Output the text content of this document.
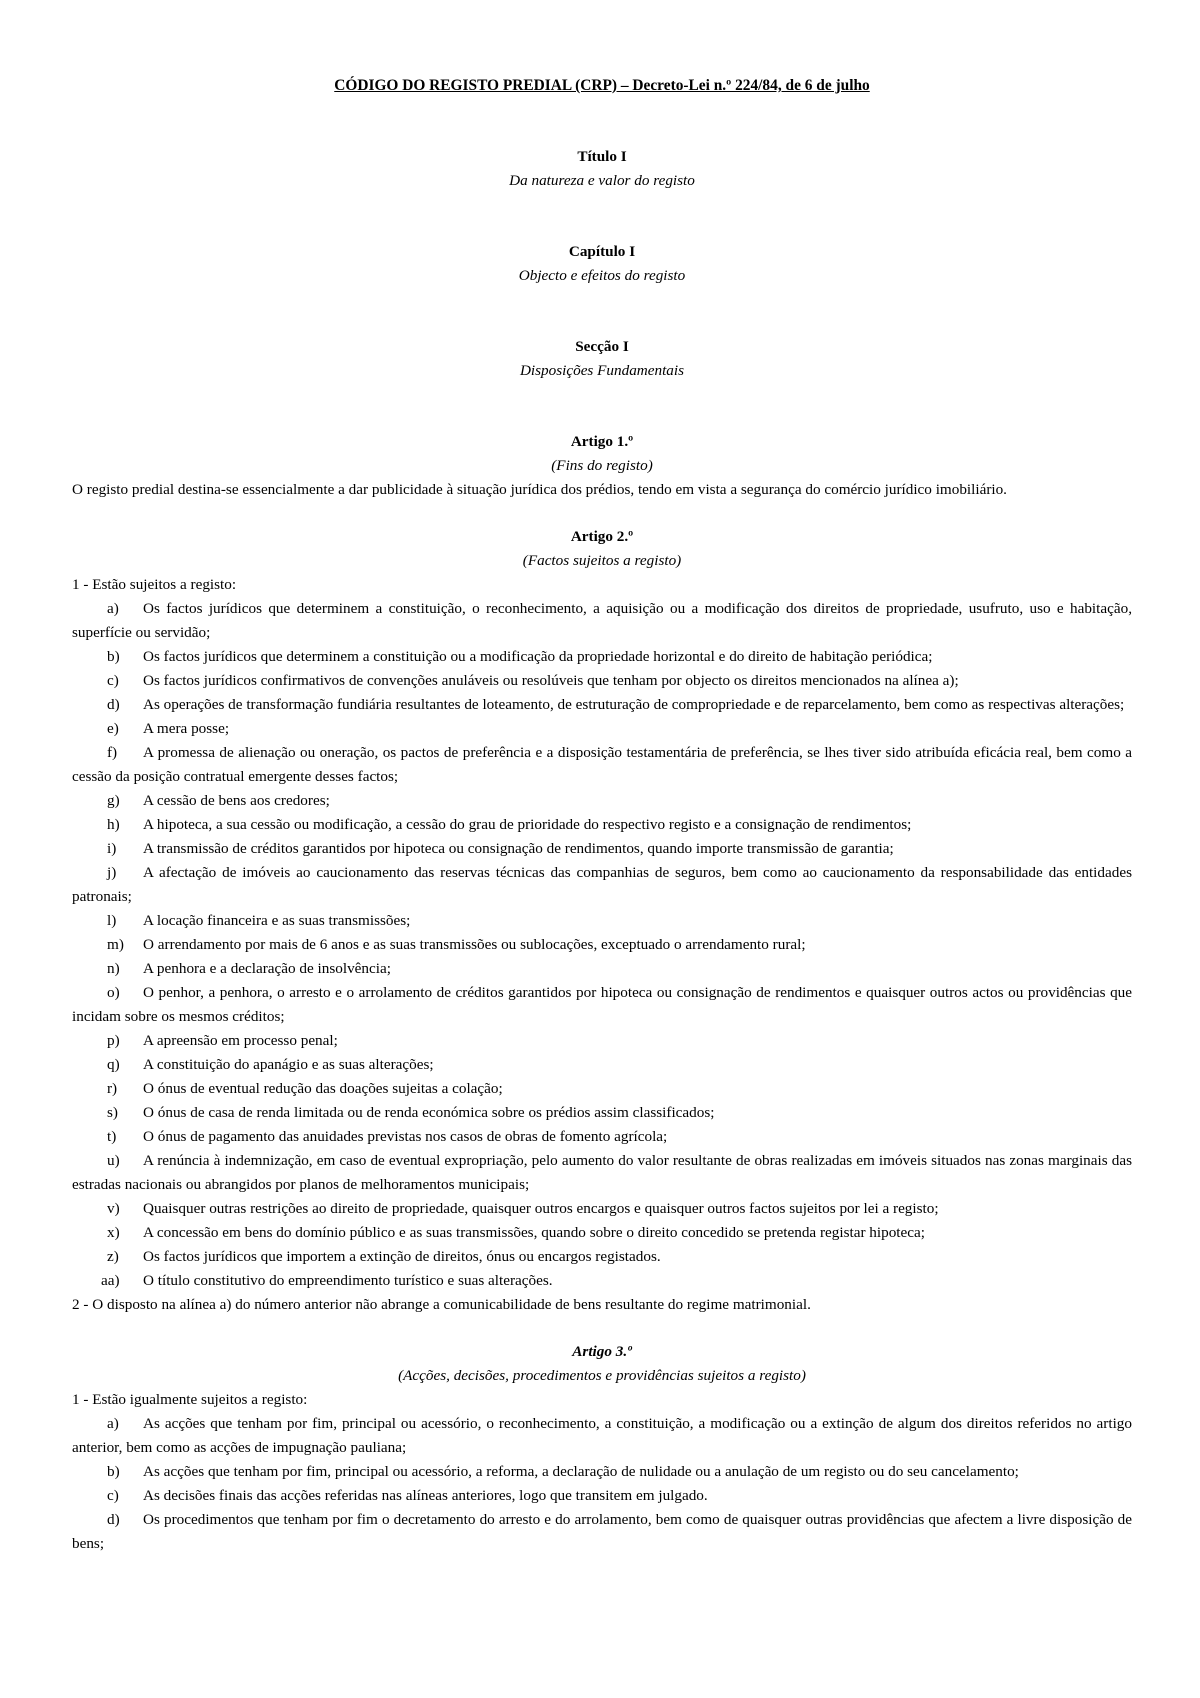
CÓDIGO DO REGISTO PREDIAL (CRP) – Decreto-Lei n.º 224/84, de 6 de julho

Título I

Da natureza e valor do registo

Capítulo I

Objecto e efeitos do registo

Secção I

Disposições Fundamentais

Artigo 1.º

(Fins do registo)

O registo predial destina-se essencialmente a dar publicidade à situação jurídica dos prédios, tendo em vista a segurança do comércio jurídico imobiliário.

Artigo 2.º

(Factos sujeitos a registo)

1 - Estão sujeitos a registo:

a) Os factos jurídicos que determinem a constituição, o reconhecimento, a aquisição ou a modificação dos direitos de propriedade, usufruto, uso e habitação, superfície ou servidão;

b) Os factos jurídicos que determinem a constituição ou a modificação da propriedade horizontal e do direito de habitação periódica;

c) Os factos jurídicos confirmativos de convenções anuláveis ou resolúveis que tenham por objecto os direitos mencionados na alínea a);

d) As operações de transformação fundiária resultantes de loteamento, de estruturação de compropriedade e de reparcelamento, bem como as respectivas alterações;

e) A mera posse;

f) A promessa de alienação ou oneração, os pactos de preferência e a disposição testamentária de preferência, se lhes tiver sido atribuída eficácia real, bem como a cessão da posição contratual emergente desses factos;

g) A cessão de bens aos credores;

h) A hipoteca, a sua cessão ou modificação, a cessão do grau de prioridade do respectivo registo e a consignação de rendimentos;

i) A transmissão de créditos garantidos por hipoteca ou consignação de rendimentos, quando importe transmissão de garantia;

j) A afectação de imóveis ao caucionamento das reservas técnicas das companhias de seguros, bem como ao caucionamento da responsabilidade das entidades patronais;

l) A locação financeira e as suas transmissões;

m) O arrendamento por mais de 6 anos e as suas transmissões ou sublocações, exceptuado o arrendamento rural;

n) A penhora e a declaração de insolvência;

o) O penhor, a penhora, o arresto e o arrolamento de créditos garantidos por hipoteca ou consignação de rendimentos e quaisquer outros actos ou providências que incidam sobre os mesmos créditos;

p) A apreensão em processo penal;

q) A constituição do apanágio e as suas alterações;

r) O ónus de eventual redução das doações sujeitas a colação;

s) O ónus de casa de renda limitada ou de renda económica sobre os prédios assim classificados;

t) O ónus de pagamento das anuidades previstas nos casos de obras de fomento agrícola;

u) A renúncia à indemnização, em caso de eventual expropriação, pelo aumento do valor resultante de obras realizadas em imóveis situados nas zonas marginais das estradas nacionais ou abrangidos por planos de melhoramentos municipais;

v) Quaisquer outras restrições ao direito de propriedade, quaisquer outros encargos e quaisquer outros factos sujeitos por lei a registo;

x) A concessão em bens do domínio público e as suas transmissões, quando sobre o direito concedido se pretenda registar hipoteca;

z) Os factos jurídicos que importem a extinção de direitos, ónus ou encargos registados.

aa) O título constitutivo do empreendimento turístico e suas alterações.

2 - O disposto na alínea a) do número anterior não abrange a comunicabilidade de bens resultante do regime matrimonial.

Artigo 3.º

(Acções, decisões, procedimentos e providências sujeitos a registo)

1 - Estão igualmente sujeitos a registo:

a) As acções que tenham por fim, principal ou acessório, o reconhecimento, a constituição, a modificação ou a extinção de algum dos direitos referidos no artigo anterior, bem como as acções de impugnação pauliana;

b) As acções que tenham por fim, principal ou acessório, a reforma, a declaração de nulidade ou a anulação de um registo ou do seu cancelamento;

c) As decisões finais das acções referidas nas alíneas anteriores, logo que transitem em julgado.

d) Os procedimentos que tenham por fim o decretamento do arresto e do arrolamento, bem como de quaisquer outras providências que afectem a livre disposição de bens;
